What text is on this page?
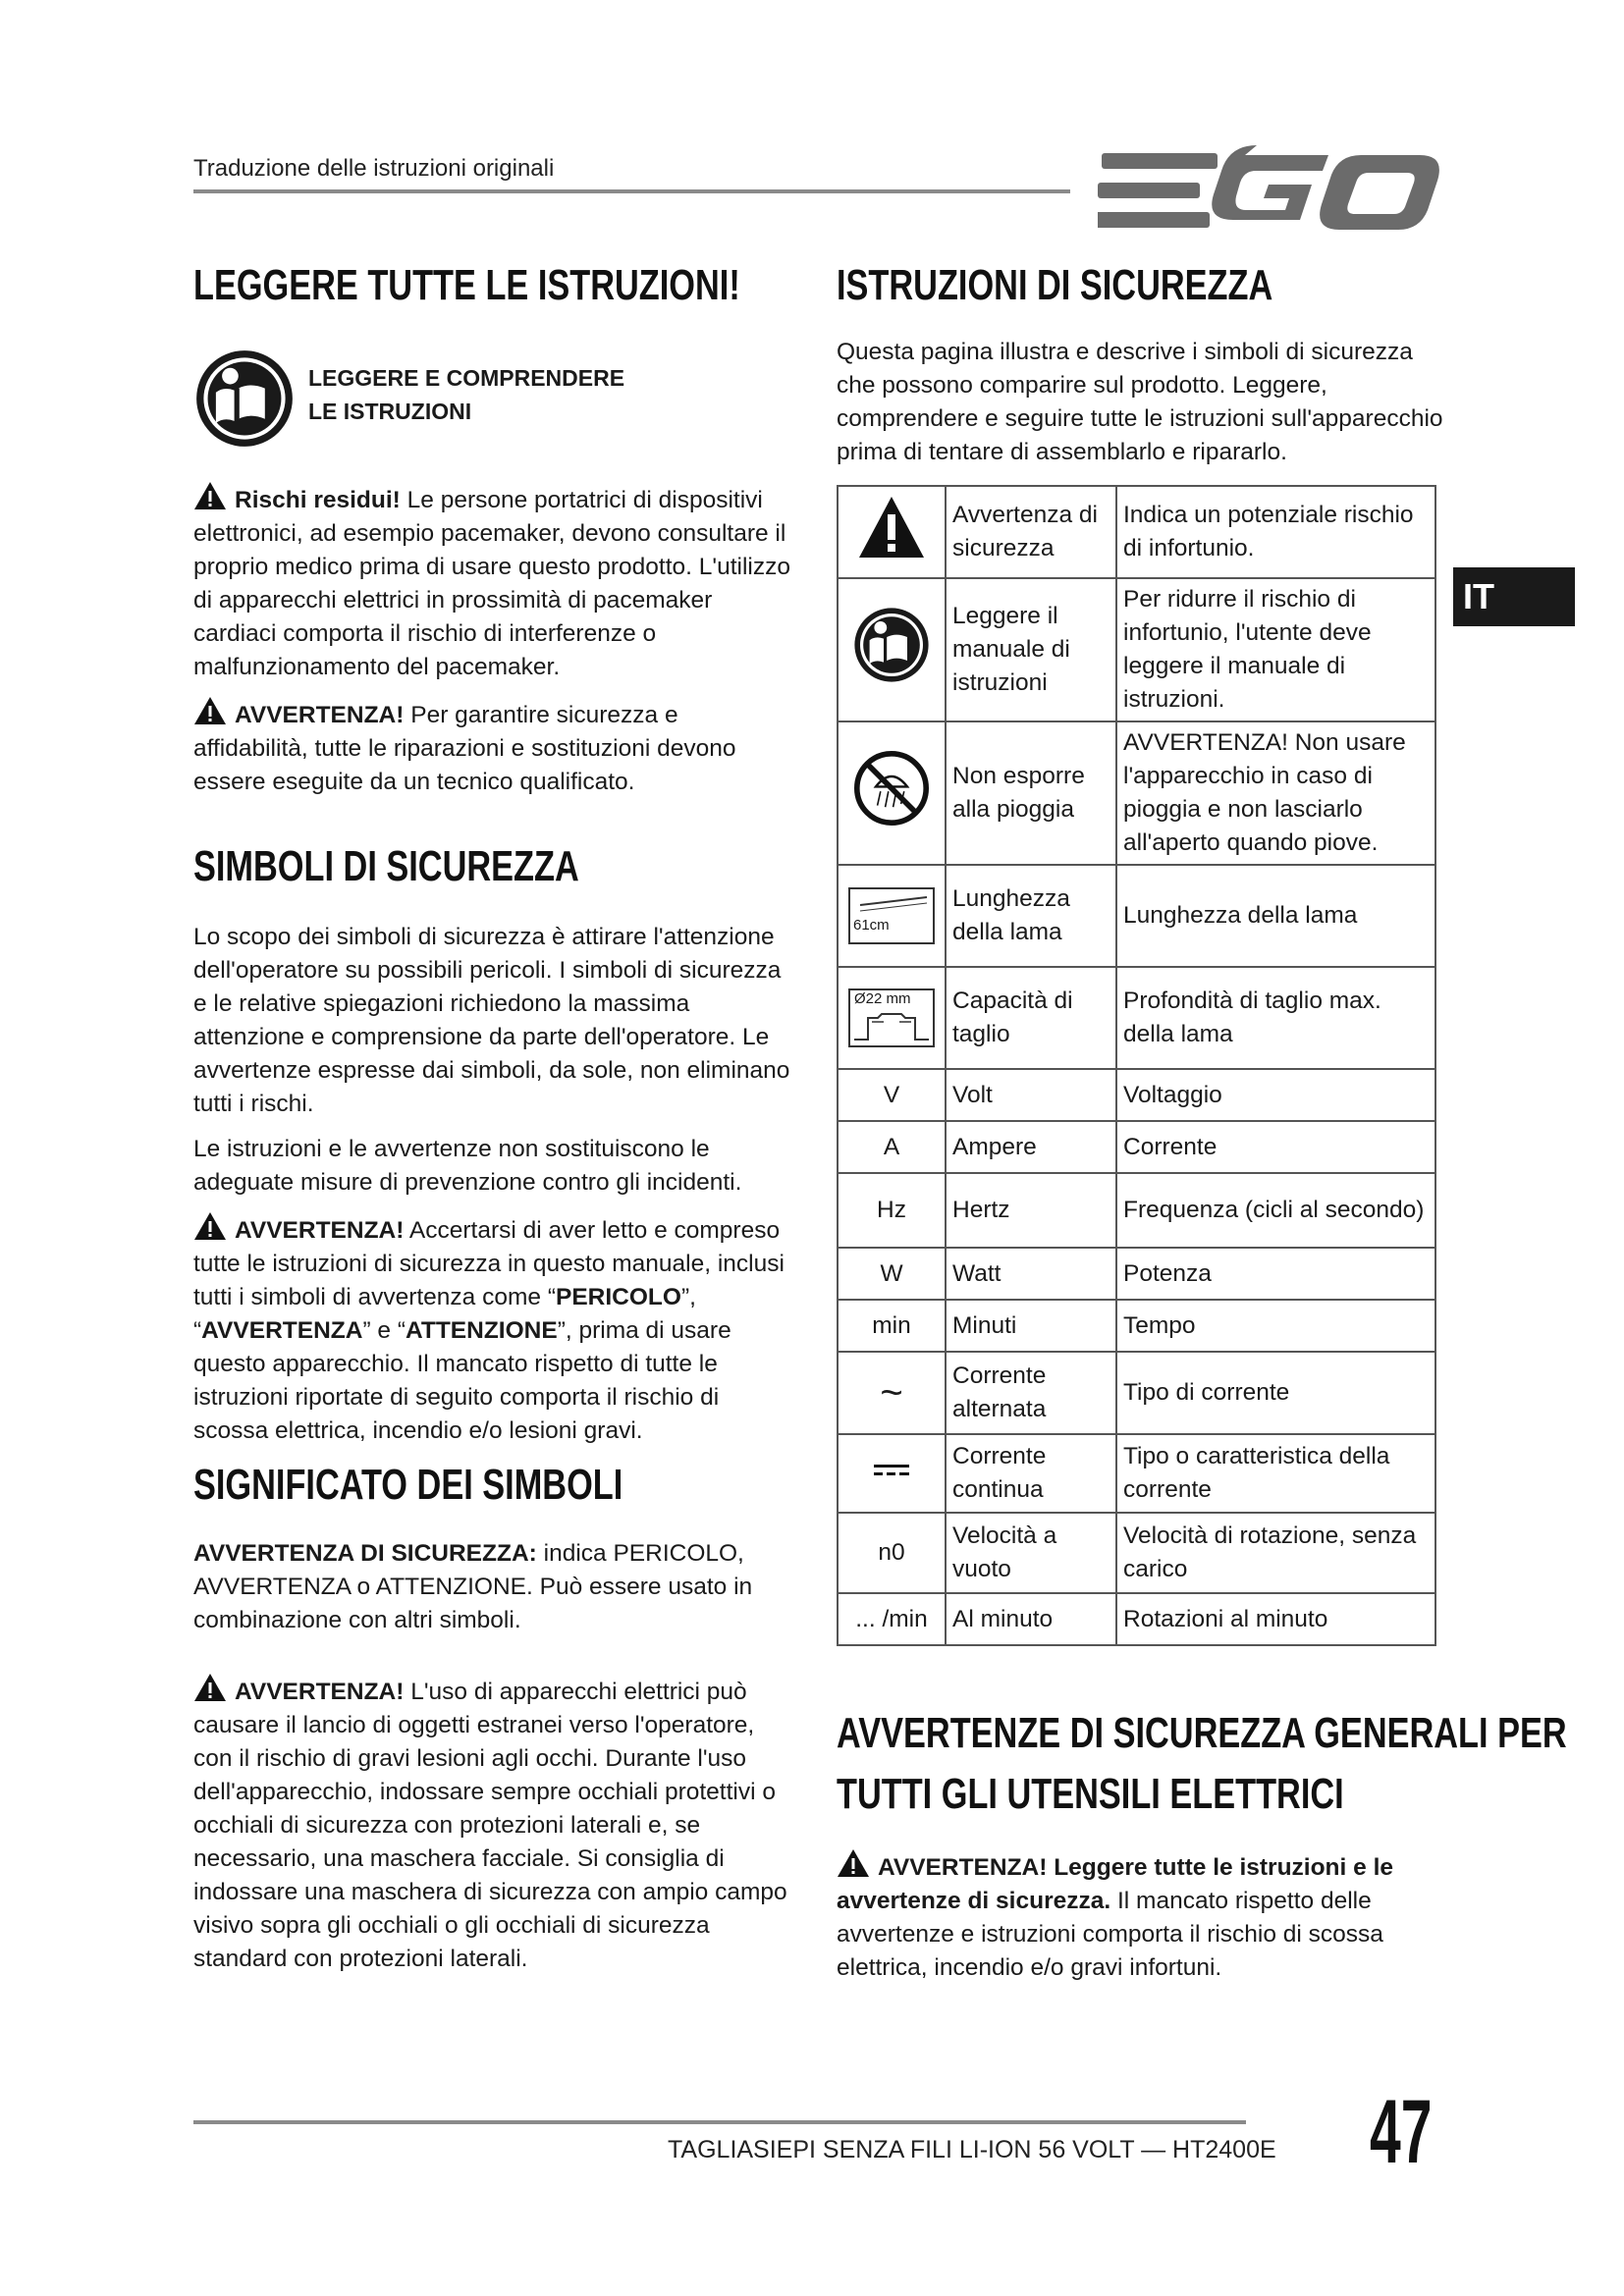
Traduzione delle istruzioni originali
IT
LEGGERE TUTTE LE ISTRUZIONI!
LEGGERE E COMPRENDERE
LE ISTRUZIONI

Rischi residui! Le persone portatrici di dispositivi elettronici, ad esempio pacemaker, devono consultare il proprio medico prima di usare questo prodotto. L'utilizzo di apparecchi elettrici in prossimità di pacemaker cardiaci comporta il rischio di interferenze o malfunzionamento del pacemaker.

AVVERTENZA! Per garantire sicurezza e affidabilità, tutte le riparazioni e sostituzioni devono essere eseguite da un tecnico qualificato.

SIMBOLI DI SICUREZZA

Lo scopo dei simboli di sicurezza è attirare l'attenzione dell'operatore su possibili pericoli. I simboli di sicurezza e le relative spiegazioni richiedono la massima attenzione e comprensione da parte dell'operatore. Le avvertenze espresse dai simboli, da sole, non eliminano tutti i rischi.

Le istruzioni e le avvertenze non sostituiscono le adeguate misure di prevenzione contro gli incidenti.

AVVERTENZA! Accertarsi di aver letto e compreso tutte le istruzioni di sicurezza in questo manuale, inclusi tutti i simboli di avvertenza come “PERICOLO”, “AVVERTENZA” e “ATTENZIONE”, prima di usare questo apparecchio. Il mancato rispetto di tutte le istruzioni riportate di seguito comporta il rischio di scossa elettrica, incendio e/o lesioni gravi.

SIGNIFICATO DEI SIMBOLI

AVVERTENZA DI SICUREZZA: indica PERICOLO, AVVERTENZA o ATTENZIONE. Può essere usato in combinazione con altri simboli.

AVVERTENZA! L'uso di apparecchi elettrici può causare il lancio di oggetti estranei verso l'operatore, con il rischio di gravi lesioni agli occhi. Durante l'uso dell'apparecchio, indossare sempre occhiali protettivi o occhiali di sicurezza con protezioni laterali e, se necessario, una maschera facciale. Si consiglia di indossare una maschera di sicurezza con ampio campo visivo sopra gli occhiali o gli occhiali di sicurezza standard con protezioni laterali.

ISTRUZIONI DI SICUREZZA
Questa pagina illustra e descrive i simboli di sicurezza che possono comparire sul prodotto. Leggere, comprendere e seguire tutte le istruzioni sull'apparecchio prima di tentare di assemblarlo e ripararlo.
	Avvertenza di sicurezza	Indica un potenziale rischio di infortunio.
	Leggere il manuale di istruzioni	Per ridurre il rischio di infortunio, l'utente deve leggere il manuale di istruzioni.
	Non esporre alla pioggia	AVVERTENZA! Non usare l'apparecchio in caso di pioggia e non lasciarlo all'aperto quando piove.

61cm	Lunghezza della lama	Lunghezza della lama

Ø22 mm	Capacità di taglio	Profondità di taglio max. della lama
V	Volt	Voltaggio
A	Ampere	Corrente
Hz	Hertz	Frequenza (cicli al secondo)
W	Watt	Potenza
min	Minuti	Tempo
~	Corrente alternata	Tipo di corrente
	Corrente continua	Tipo o caratteristica della corrente
n0	Velocità a vuoto	Velocità di rotazione, senza carico
... /min	Al minuto	Rotazioni al minuto
AVVERTENZE DI SICUREZZA GENERALI PER
TUTTI GLI UTENSILI ELETTRICI
AVVERTENZA! Leggere tutte le istruzioni e le avvertenze di sicurezza. Il mancato rispetto delle avvertenze e istruzioni comporta il rischio di scossa elettrica, incendio e/o gravi infortuni.
TAGLIASIEPI SENZA FILI LI-ION 56 VOLT — HT2400E 47
